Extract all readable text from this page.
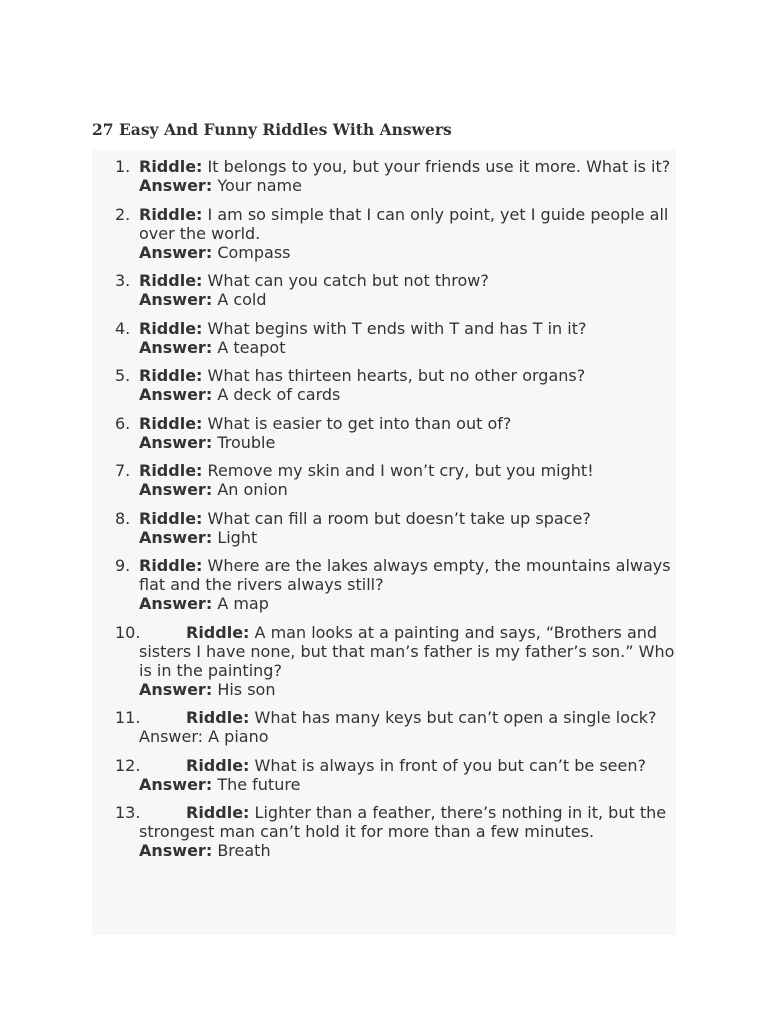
27 Easy And Funny Riddles With Answers
1. Riddle: It belongs to you, but your friends use it more. What is it?
Answer: Your name
2. Riddle: I am so simple that I can only point, yet I guide people all over the world.
Answer: Compass
3. Riddle: What can you catch but not throw?
Answer: A cold
4. Riddle: What begins with T ends with T and has T in it?
Answer: A teapot
5. Riddle: What has thirteen hearts, but no other organs?
Answer: A deck of cards
6. Riddle: What is easier to get into than out of?
Answer: Trouble
7. Riddle: Remove my skin and I won’t cry, but you might!
Answer: An onion
8. Riddle: What can fill a room but doesn’t take up space?
Answer: Light
9. Riddle: Where are the lakes always empty, the mountains always flat and the rivers always still?
Answer: A map
10.	Riddle: A man looks at a painting and says, “Brothers and sisters I have none, but that man’s father is my father’s son.” Who is in the painting?
Answer: His son
11.	Riddle: What has many keys but can’t open a single lock?
Answer: A piano
12.	Riddle: What is always in front of you but can’t be seen?
Answer: The future
13.	Riddle: Lighter than a feather, there’s nothing in it, but the strongest man can’t hold it for more than a few minutes.
Answer: Breath
